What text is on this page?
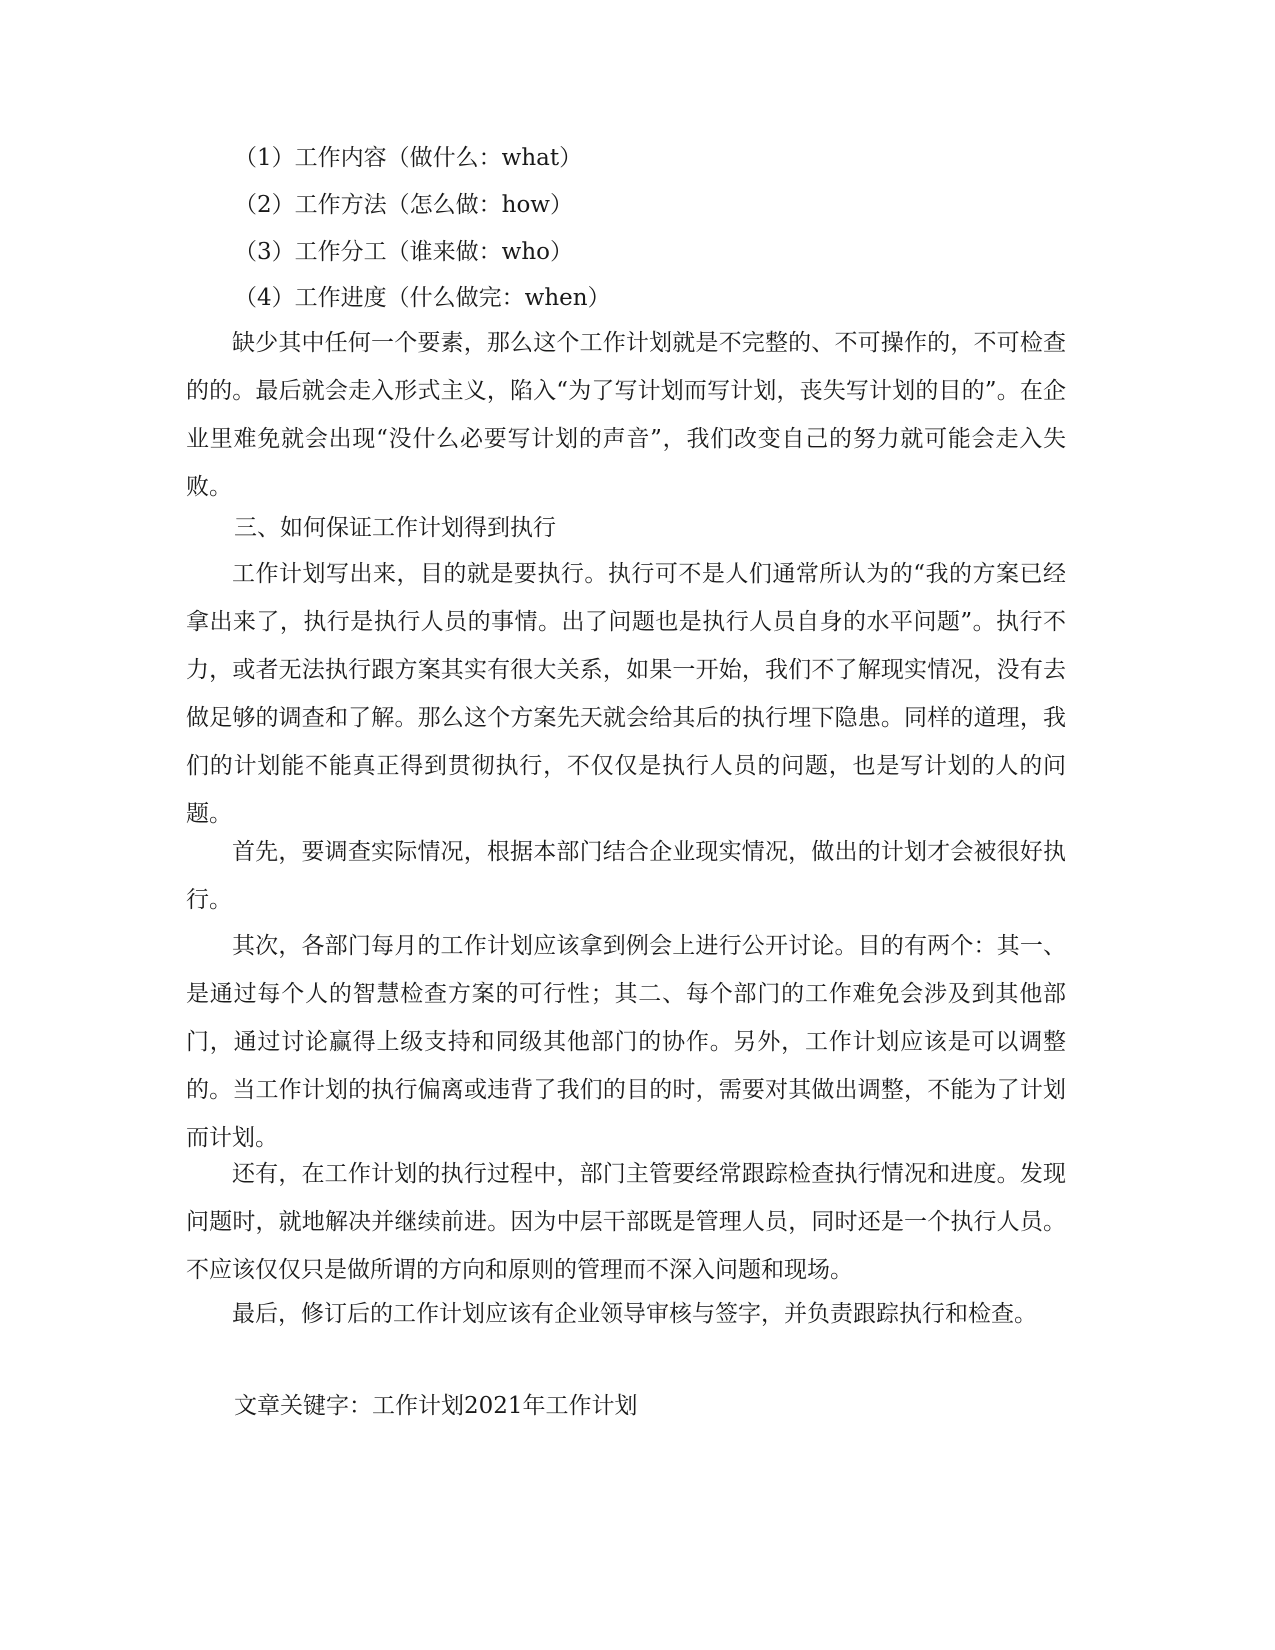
（1）工作内容（做什么：what）
（2）工作方法（怎么做：how）
（3）工作分工（谁来做：who）
（4）工作进度（什么做完：when）

缺少其中任何一个要素，那么这个工作计划就是不完整的、不可操作的，不可检查的的。最后就会走入形式主义，陷入“为了写计划而写计划，丧失写计划的目的”。在企业里难免就会出现“没什么必要写计划的声音”，我们改变自己的努力就可能会走入失败。

三、如何保证工作计划得到执行

工作计划写出来，目的就是要执行。执行可不是人们通常所认为的“我的方案已经拿出来了，执行是执行人员的事情。出了问题也是执行人员自身的水平问题”。执行不力，或者无法执行跟方案其实有很大关系，如果一开始，我们不了解现实情况，没有去做足够的调查和了解。那么这个方案先天就会给其后的执行埋下隐患。同样的道理，我们的计划能不能真正得到贯彻执行，不仅仅是执行人员的问题，也是写计划的人的问题。

首先，要调查实际情况，根据本部门结合企业现实情况，做出的计划才会被很好执行。

其次，各部门每月的工作计划应该拿到例会上进行公开讨论。目的有两个：其一、是通过每个人的智慧检查方案的可行性；其二、每个部门的工作难免会涉及到其他部门，通过讨论赢得上级支持和同级其他部门的协作。另外，工作计划应该是可以调整的。当工作计划的执行偏离或违背了我们的目的时，需要对其做出调整，不能为了计划而计划。

还有，在工作计划的执行过程中，部门主管要经常跟踪检查执行情况和进度。发现问题时，就地解决并继续前进。因为中层干部既是管理人员，同时还是一个执行人员。不应该仅仅只是做所谓的方向和原则的管理而不深入问题和现场。

最后，修订后的工作计划应该有企业领导审核与签字，并负责跟踪执行和检查。

文章关键字：工作计划2021年工作计划
